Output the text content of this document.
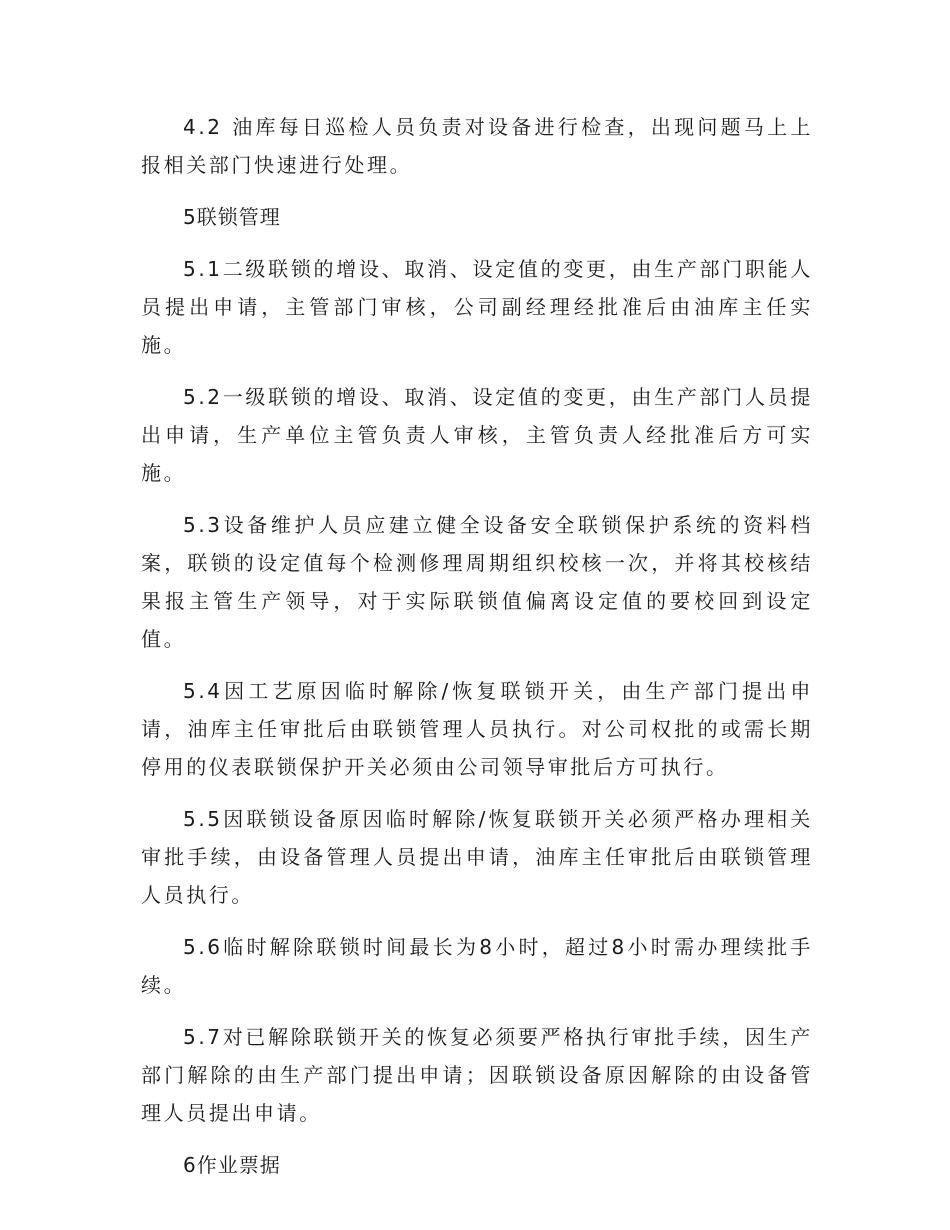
4.2 油库每日巡检人员负责对设备进行检查，出现问题马上上报相关部门快速进行处理。

5联锁管理

5.1二级联锁的增设、取消、设定值的变更，由生产部门职能人员提出申请，主管部门审核，公司副经理经批准后由油库主任实施。

5.2一级联锁的增设、取消、设定值的变更，由生产部门人员提出申请，生产单位主管负责人审核，主管负责人经批准后方可实施。

5.3设备维护人员应建立健全设备安全联锁保护系统的资料档案，联锁的设定值每个检测修理周期组织校核一次，并将其校核结果报主管生产领导，对于实际联锁值偏离设定值的要校回到设定值。

5.4因工艺原因临时解除/恢复联锁开关，由生产部门提出申请，油库主任审批后由联锁管理人员执行。对公司权批的或需长期停用的仪表联锁保护开关必须由公司领导审批后方可执行。

5.5因联锁设备原因临时解除/恢复联锁开关必须严格办理相关审批手续，由设备管理人员提出申请，油库主任审批后由联锁管理人员执行。

5.6临时解除联锁时间最长为8小时，超过8小时需办理续批手续。

5.7对已解除联锁开关的恢复必须要严格执行审批手续，因生产部门解除的由生产部门提出申请；因联锁设备原因解除的由设备管理人员提出申请。

6作业票据
